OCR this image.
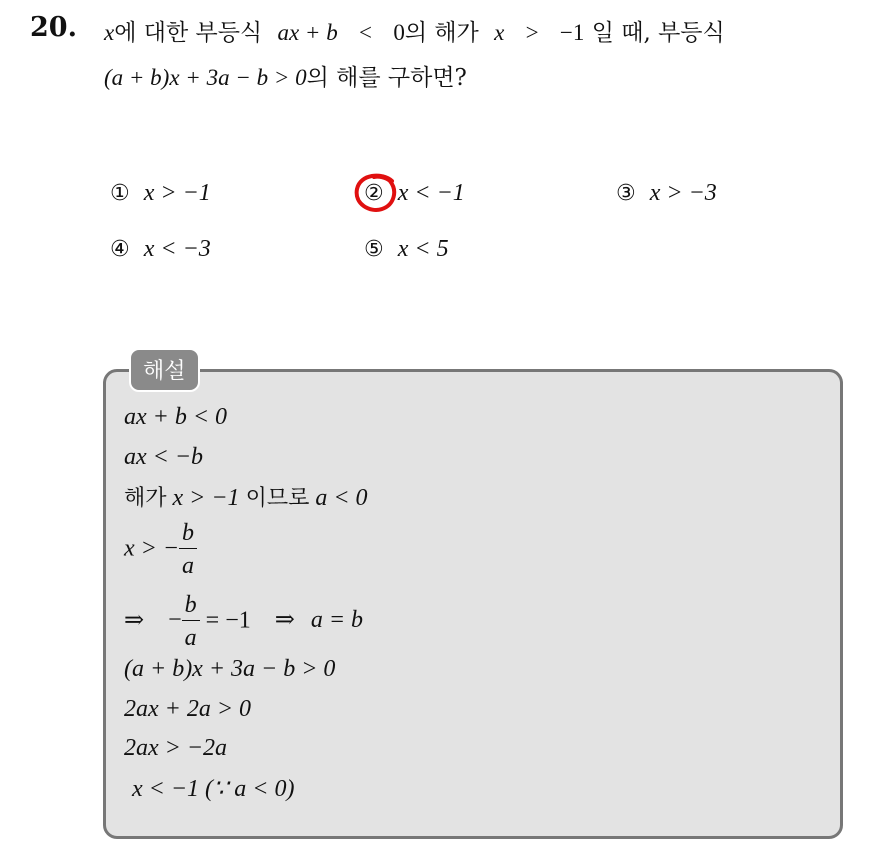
20. x에 대한 부등식 ax + b < 0의 해가 x > −1 일 때, 부등식
(a + b)x + 3a − b > 0의 해를 구하면?
① x > −1	② x < −1	③ x > −3
④ x < −3	⑤ x < 5
해설
ax + b < 0
ax < −b
해가 x > −1 이므로 a < 0
x > − $\frac{b}{a}$
⇒ − $\frac{b}{a} = -1$ ⇒ a = b
(a + b)x + 3a − b > 0
2ax + 2a > 0
2ax > −2a
x < −1 (∵ a < 0)
